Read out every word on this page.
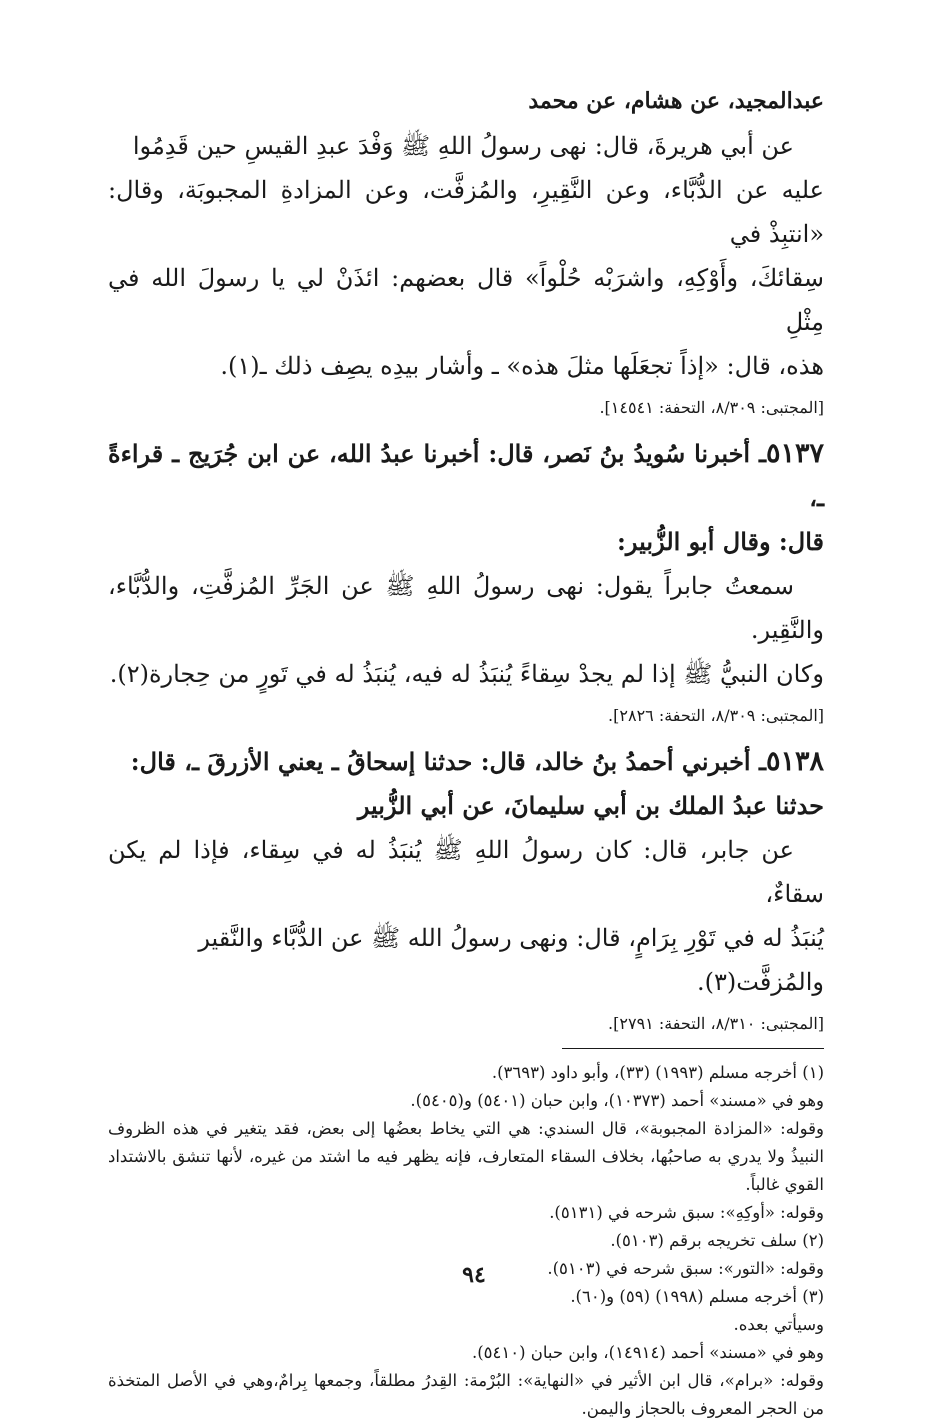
عبدالمجيد، عن هشام، عن محمد

عن أبي هريرةَ، قال: نهى رسولُ اللهِ ﷺ وَفْدَ عبدِ القيسِ حين قَدِمُوا

عليه عن الدُّبَّاء، وعن النَّقِيرِ، والمُزفَّت، وعن المزادةِ المجبوبَة، وقال: «انتبِذْ في

سِقائكَ، وأَوْكِهِ، واشرَبْه حُلْواً» قال بعضهم: ائذَنْ لي يا رسولَ الله في مِثْلِ

هذه، قال: «إذاً تجعَلَها مثلَ هذه» ـ وأشار بيدِه يصِف ذلك ـ(١).

[المجتبى: ٨/٣٠٩، التحفة: ١٤٥٤١].

٥١٣٧ـ أخبرنا سُويدُ بنُ نَصر، قال: أخبرنا عبدُ الله، عن ابن جُرَيج ـ قراءةً ـ،

قال: وقال أبو الزُّبير:

سمعتُ جابراً يقول: نهى رسولُ اللهِ ﷺ عن الجَرِّ المُزفَّتِ، والدُّبَّاء، والنَّقِير.

وكان النبيُّ ﷺ إذا لم يجدْ سِقاءً يُنبَذُ له فيه، يُنبَذُ له في تَورٍ من حِجارة(٢).

[المجتبى: ٨/٣٠٩، التحفة: ٢٨٢٦].

٥١٣٨ـ أخبرني أحمدُ بنُ خالد، قال: حدثنا إسحاقُ ـ يعني الأزرقَ ـ، قال:

حدثنا عبدُ الملك بن أبي سليمانَ، عن أبي الزُّبير

عن جابر، قال: كان رسولُ اللهِ ﷺ يُنبَذُ له في سِقاء، فإذا لم يكن سقاءٌ،

يُنبَذُ له في تَوْرِ بِرَامٍ، قال: ونهى رسولُ الله ﷺ عن الدُّبَّاء والنَّقير والمُزفَّت(٣).

[المجتبى: ٨/٣١٠، التحفة: ٢٧٩١].

(١) أخرجه مسلم (١٩٩٣) (٣٣)، وأبو داود (٣٦٩٣).

وهو في «مسند» أحمد (١٠٣٧٣)، وابن حبان (٥٤٠١) و(٥٤٠٥).

وقوله: «المزادة المجبوبة»، قال السندي: هي التي يخاط بعضُها إلى بعض، فقد يتغير في هذه الظروف النبيذُ ولا يدري به صاحبُها، بخلاف السقاء المتعارف، فإنه يظهر فيه ما اشتد من غيره، لأنها تنشق بالاشتداد القوي غالباً.

وقوله: «أوكِهِ»: سبق شرحه في (٥١٣١).

(٢) سلف تخريجه برقم (٥١٠٣).

وقوله: «التور»: سبق شرحه في (٥١٠٣).

(٣) أخرجه مسلم (١٩٩٨) (٥٩) و(٦٠).

وسيأتي بعده.

وهو في «مسند» أحمد (١٤٩١٤)، وابن حبان (٥٤١٠).

وقوله: «برام»، قال ابن الأثير في «النهاية»: البُرْمة: القِدرُ مطلقاً، وجمعها بِرامٌ،وهي في الأصل المتخذة من الحجر المعروف بالحجاز واليمن.

٩٤
